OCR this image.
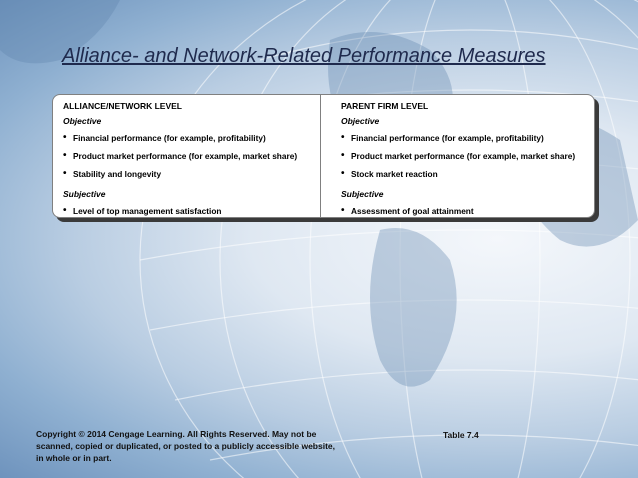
Alliance- and Network-Related Performance Measures
ALLIANCE/NETWORK LEVEL
Objective
• Financial performance (for example, profitability)
• Product market performance (for example, market share)
• Stability and longevity
Subjective
• Level of top management satisfaction
PARENT FIRM LEVEL
Objective
• Financial performance (for example, profitability)
• Product market performance (for example, market share)
• Stock market reaction
Subjective
• Assessment of goal attainment
Copyright © 2014 Cengage Learning. All Rights Reserved. May not be scanned, copied or duplicated, or posted to a publicly accessible website, in whole or in part.
Table 7.4
